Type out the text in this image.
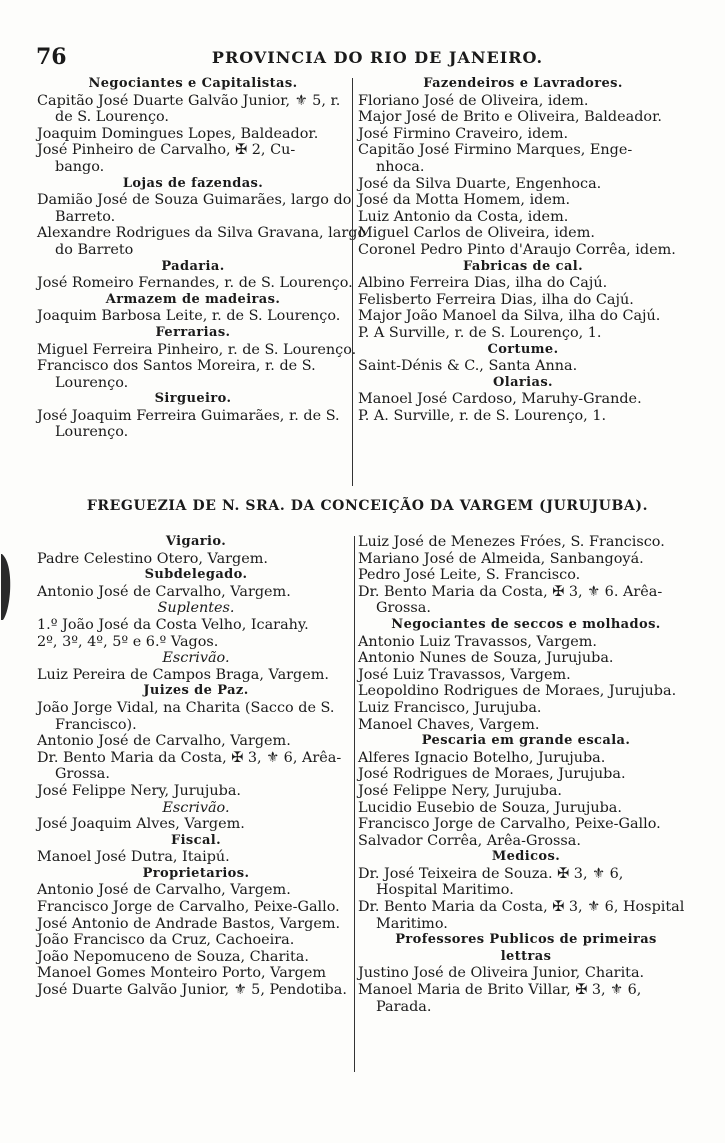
76	PROVINCIA DO RIO DE JANEIRO.
Negociantes e Capitalistas.
Capitão José Duarte Galvão Junior, ⚜ 5, r.
de S. Lourenço.
Joaquim Domingues Lopes, Baldeador.
José Pinheiro de Carvalho, ✠ 2, Cu-
bango.
Lojas de fazendas.
Damião José de Souza Guimarães, largo do
Barreto.
Alexandre Rodrigues da Silva Gravana, largo
do Barreto
Padaria.
José Romeiro Fernandes, r. de S. Lourenço.
Armazem de madeiras.
Joaquim Barbosa Leite, r. de S. Lourenço.
Ferrarias.
Miguel Ferreira Pinheiro, r. de S. Lourenço.
Francisco dos Santos Moreira, r. de S.
Lourenço.
Sirgueiro.
José Joaquim Ferreira Guimarães, r. de S.
Lourenço.
Fazendeiros e Lavradores.
Floriano José de Oliveira, idem.
Major José de Brito e Oliveira, Baldeador.
José Firmino Craveiro, idem.
Capitão José Firmino Marques, Enge-
nhoca.
José da Silva Duarte, Engenhoca.
José da Motta Homem, idem.
Luiz Antonio da Costa, idem.
Miguel Carlos de Oliveira, idem.
Coronel Pedro Pinto d'Araujo Corrêa, idem.
Fabricas de cal.
Albino Ferreira Dias, ilha do Cajú.
Felisberto Ferreira Dias, ilha do Cajú.
Major João Manoel da Silva, ilha do Cajú.
P. A Surville, r. de S. Lourenço, 1.
Cortume.
Saint-Dénis & C., Santa Anna.
Olarias.
Manoel José Cardoso, Maruhy-Grande.
P. A. Surville, r. de S. Lourenço, 1.
FREGUEZIA DE N. SRA. DA CONCEIÇÃO DA VARGEM (JURUJUBA).
Vigario.
Padre Celestino Otero, Vargem.
Subdelegado.
Antonio José de Carvalho, Vargem.
Suplentes.
1.º João José da Costa Velho, Icarahy.
2º, 3º, 4º, 5º e 6.º Vagos.
Escrivão.
Luiz Pereira de Campos Braga, Vargem.
Juizes de Paz.
João Jorge Vidal, na Charita (Sacco de S.
Francisco).
Antonio José de Carvalho, Vargem.
Dr. Bento Maria da Costa, ✠ 3, ⚜ 6, Arêa-
Grossa.
José Felippe Nery, Jurujuba.
Escrivão.
José Joaquim Alves, Vargem.
Fiscal.
Manoel José Dutra, Itaipú.
Proprietarios.
Antonio José de Carvalho, Vargem.
Francisco Jorge de Carvalho, Peixe-Gallo.
José Antonio de Andrade Bastos, Vargem.
João Francisco da Cruz, Cachoeira.
João Nepomuceno de Souza, Charita.
Manoel Gomes Monteiro Porto, Vargem
José Duarte Galvão Junior, ⚜ 5, Pendotiba.
Luiz José de Menezes Fróes, S. Francisco.
Mariano José de Almeida, Sanbangoyá.
Pedro José Leite, S. Francisco.
Dr. Bento Maria da Costa, ✠ 3, ⚜ 6. Arêa-
Grossa.
Negociantes de seccos e molhados.
Antonio Luiz Travassos, Vargem.
Antonio Nunes de Souza, Jurujuba.
José Luiz Travassos, Vargem.
Leopoldino Rodrigues de Moraes, Jurujuba.
Luiz Francisco, Jurujuba.
Manoel Chaves, Vargem.
Pescaria em grande escala.
Alferes Ignacio Botelho, Jurujuba.
José Rodrigues de Moraes, Jurujuba.
José Felippe Nery, Jurujuba.
Lucidio Eusebio de Souza, Jurujuba.
Francisco Jorge de Carvalho, Peixe-Gallo.
Salvador Corrêa, Arêa-Grossa.
Medicos.
Dr. José Teixeira de Souza. ✠ 3, ⚜ 6,
Hospital Maritimo.
Dr. Bento Maria da Costa, ✠ 3, ⚜ 6, Hospital
Maritimo.
Professores Publicos de primeiras
lettras
Justino José de Oliveira Junior, Charita.
Manoel Maria de Brito Villar, ✠ 3, ⚜ 6,
Parada.
